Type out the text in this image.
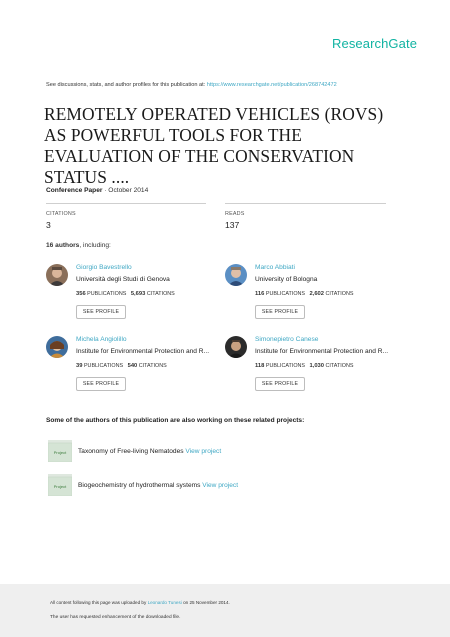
ResearchGate
See discussions, stats, and author profiles for this publication at: https://www.researchgate.net/publication/268742472
REMOTELY OPERATED VEHICLES (ROVS) AS POWERFUL TOOLS FOR THE EVALUATION OF THE CONSERVATION STATUS ....
Conference Paper · October 2014
CITATIONS
3
READS
137
16 authors, including:
Giorgio Bavestrello
Università degli Studi di Genova
356 PUBLICATIONS 5,693 CITATIONS
SEE PROFILE
Marco Abbiati
University of Bologna
116 PUBLICATIONS 2,602 CITATIONS
SEE PROFILE
Michela Angiolillo
Institute for Environmental Protection and R...
39 PUBLICATIONS 540 CITATIONS
SEE PROFILE
Simonepietro Canese
Institute for Environmental Protection and R...
118 PUBLICATIONS 1,030 CITATIONS
SEE PROFILE
Some of the authors of this publication are also working on these related projects:
Project Taxonomy of Free-living Nematodes View project
Project Biogeochemistry of hydrothermal systems View project
All content following this page was uploaded by Leonardo Tunesi on 25 November 2014.
The user has requested enhancement of the downloaded file.
